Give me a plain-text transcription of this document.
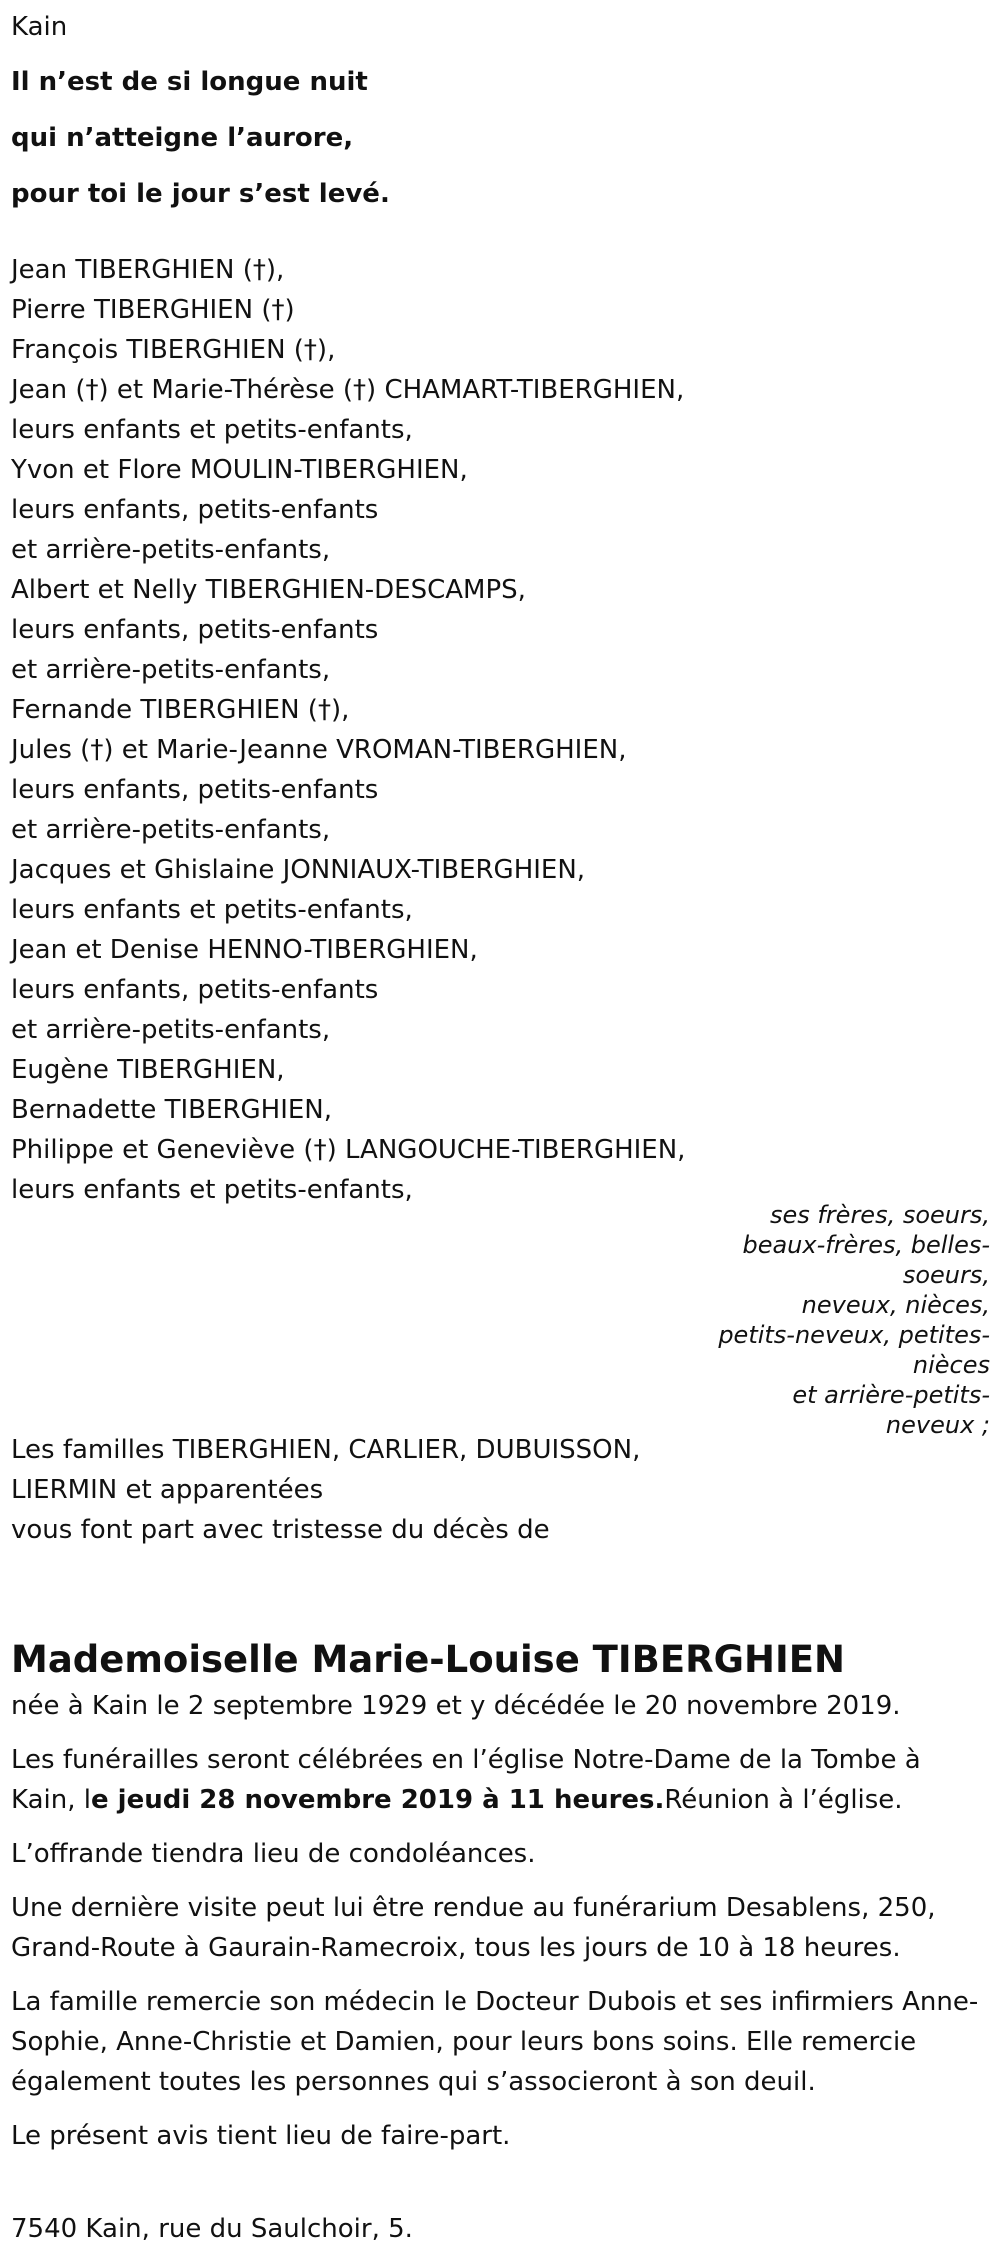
Kain
Il n’est de si longue nuit
qui n’atteigne l’aurore,
pour toi le jour s’est levé.
Jean TIBERGHIEN (†),
Pierre TIBERGHIEN (†)
François TIBERGHIEN (†),
Jean (†) et Marie-Thérèse (†) CHAMART-TIBERGHIEN,
leurs enfants et petits-enfants,
Yvon et Flore MOULIN-TIBERGHIEN,
leurs enfants, petits-enfants
et arrière-petits-enfants,
Albert et Nelly TIBERGHIEN-DESCAMPS,
leurs enfants, petits-enfants
et arrière-petits-enfants,
Fernande TIBERGHIEN (†),
Jules (†) et Marie-Jeanne VROMAN-TIBERGHIEN,
leurs enfants, petits-enfants
et arrière-petits-enfants,
Jacques et Ghislaine JONNIAUX-TIBERGHIEN,
leurs enfants et petits-enfants,
Jean et Denise HENNO-TIBERGHIEN,
leurs enfants, petits-enfants
et arrière-petits-enfants,
Eugène TIBERGHIEN,
Bernadette TIBERGHIEN,
Philippe et Geneviève (†) LANGOUCHE-TIBERGHIEN,
leurs enfants et petits-enfants,
ses frères, soeurs,
beaux-frères, belles-soeurs,
neveux, nièces,
petits-neveux, petites-nièces
et arrière-petits-neveux ;
Les familles TIBERGHIEN, CARLIER, DUBUISSON,
LIERMIN et apparentées
vous font part avec tristesse du décès de
Mademoiselle Marie-Louise TIBERGHIEN

née à Kain le 2 septembre 1929 et y décédée le 20 novembre 2019.

Les funérailles seront célébrées en l’église Notre-Dame de la Tombe à Kain, le jeudi 28 novembre 2019 à 11 heures.Réunion à l’église.

L’offrande tiendra lieu de condoléances.

Une dernière visite peut lui être rendue au funérarium Desablens, 250, Grand-Route à Gaurain-Ramecroix, tous les jours de 10 à 18 heures.

La famille remercie son médecin le Docteur Dubois et ses infirmiers Anne-Sophie, Anne-Christie et Damien, pour leurs bons soins. Elle remercie également toutes les personnes qui s’associeront à son deuil.

Le présent avis tient lieu de faire-part.

7540 Kain, rue du Saulchoir, 5.
